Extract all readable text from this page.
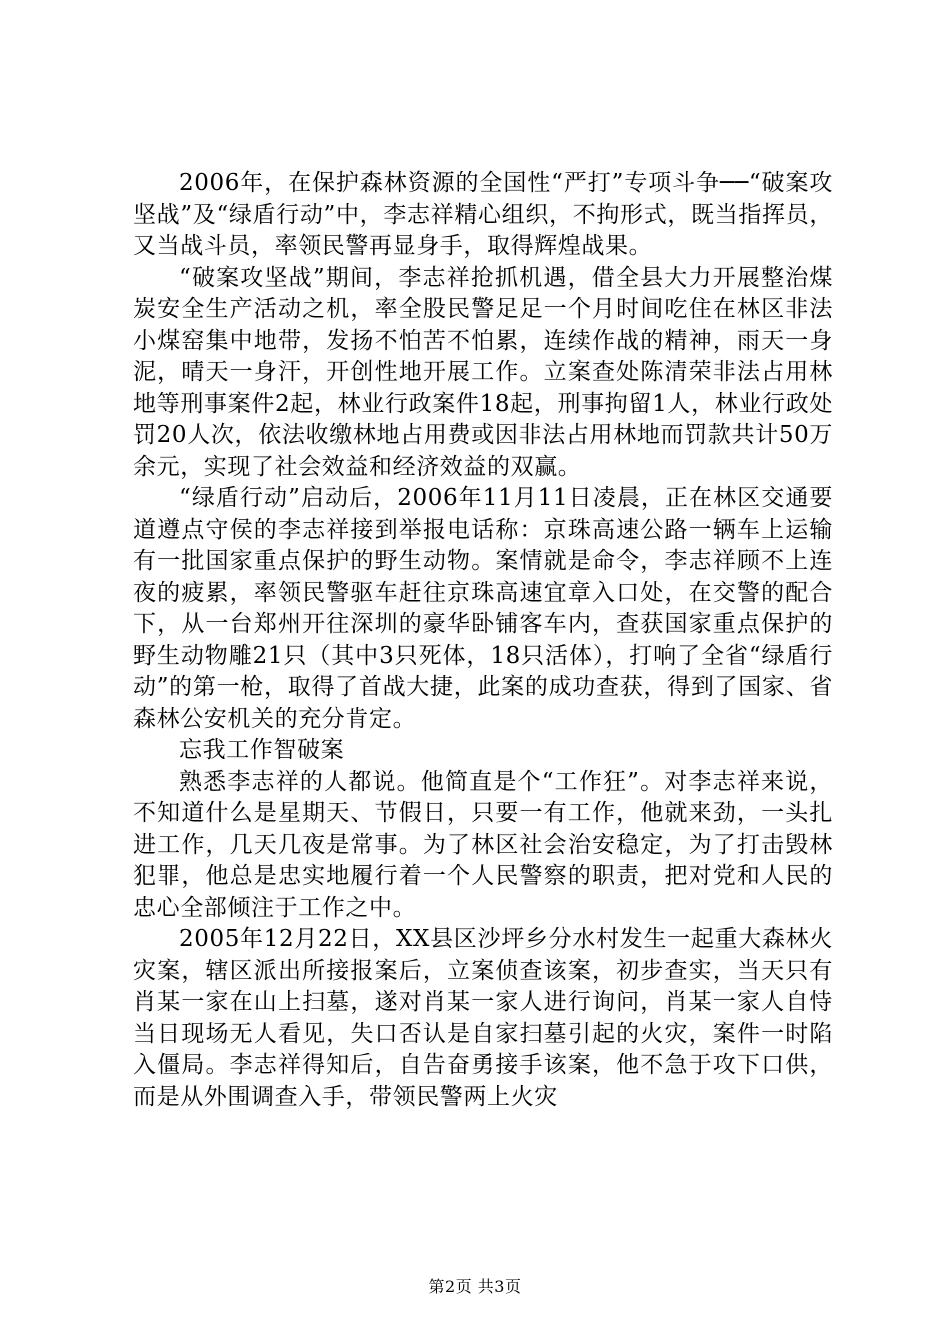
2006年，在保护森林资源的全国性“严打”专项斗争──“破案攻坚战”及“绿盾行动”中，李志祥精心组织，不拘形式，既当指挥员，又当战斗员，率领民警再显身手，取得辉煌战果。

“破案攻坚战”期间，李志祥抢抓机遇，借全县大力开展整治煤炭安全生产活动之机，率全股民警足足一个月时间吃住在林区非法小煤窑集中地带，发扬不怕苦不怕累，连续作战的精神，雨天一身泥，晴天一身汗，开创性地开展工作。立案查处陈清荣非法占用林地等刑事案件2起，林业行政案件18起，刑事拘留1人，林业行政处罚20人次，依法收缴林地占用费或因非法占用林地而罚款共计50万余元，实现了社会效益和经济效益的双赢。

“绿盾行动”启动后，2006年11月11日凌晨，正在林区交通要道遵点守侯的李志祥接到举报电话称：京珠高速公路一辆车上运输有一批国家重点保护的野生动物。案情就是命令，李志祥顾不上连夜的疲累，率领民警驱车赶往京珠高速宜章入口处，在交警的配合下，从一台郑州开往深圳的豪华卧铺客车内，查获国家重点保护的野生动物雕21只（其中3只死体，18只活体），打响了全省“绿盾行动”的第一枪，取得了首战大捷，此案的成功查获，得到了国家、省森林公安机关的充分肯定。

忘我工作智破案

熟悉李志祥的人都说。他简直是个“工作狂”。对李志祥来说，不知道什么是星期天、节假日，只要一有工作，他就来劲，一头扎进工作，几天几夜是常事。为了林区社会治安稳定，为了打击毁林犯罪，他总是忠实地履行着一个人民警察的职责，把对党和人民的忠心全部倾注于工作之中。

2005年12月22日，XX县区沙坪乡分水村发生一起重大森林火灾案，辖区派出所接报案后，立案侦查该案，初步查实，当天只有肖某一家在山上扫墓，遂对肖某一家人进行询问，肖某一家人自恃当日现场无人看见，失口否认是自家扫墓引起的火灾，案件一时陷入僵局。李志祥得知后，自告奋勇接手该案，他不急于攻下口供，而是从外围调查入手，带领民警两上火灾

第2页 共3页
